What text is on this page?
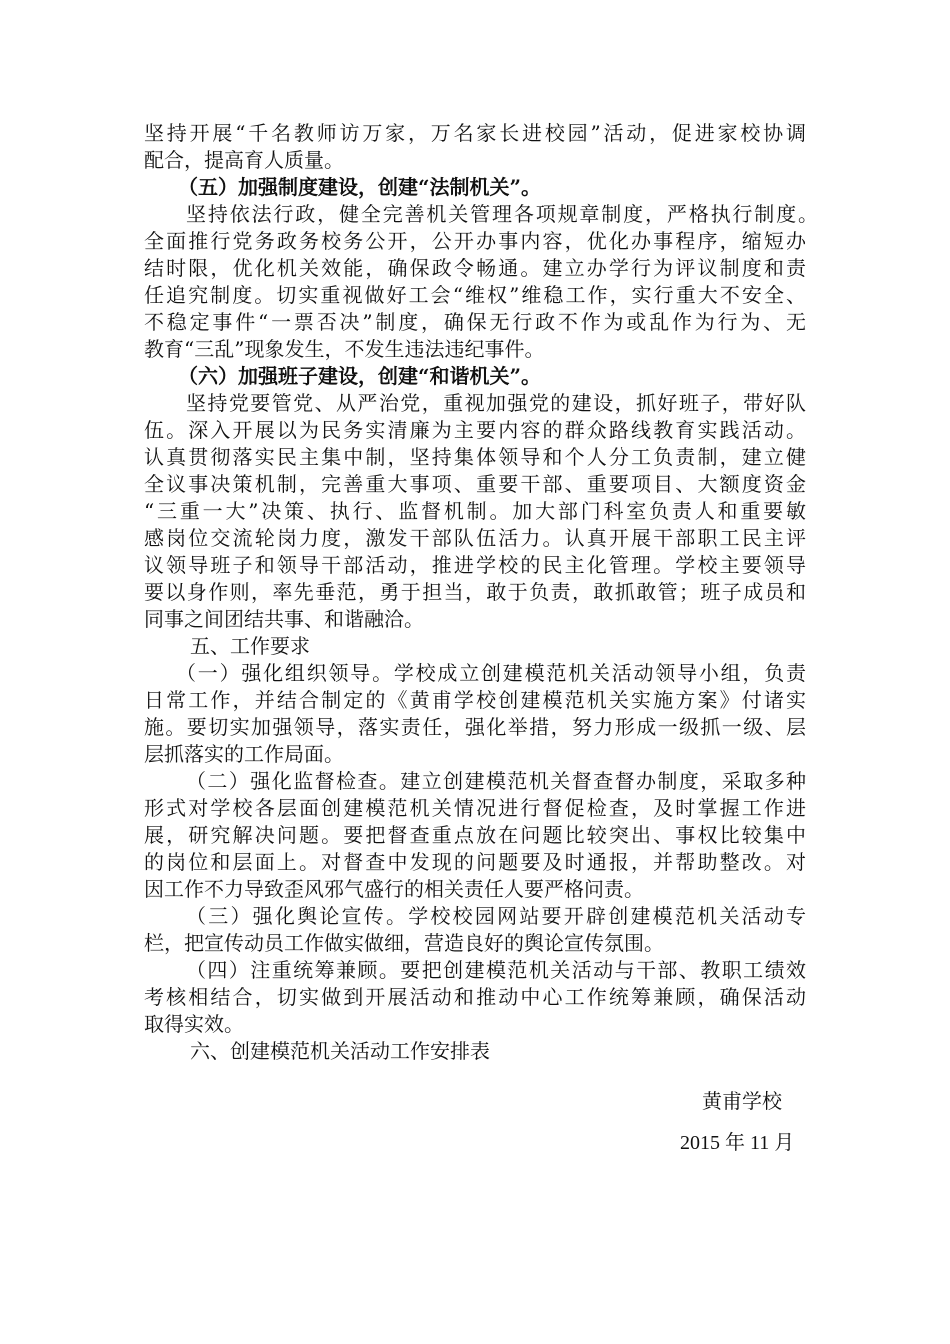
坚持开展“千名教师访万家，万名家长进校园”活动，促进家校协调
配合，提高育人质量。
（五）加强制度建设，创建“法制机关”。
坚持依法行政，健全完善机关管理各项规章制度，严格执行制度。
全面推行党务政务校务公开，公开办事内容，优化办事程序，缩短办
结时限，优化机关效能，确保政令畅通。建立办学行为评议制度和责
任追究制度。切实重视做好工会“维权”维稳工作，实行重大不安全、
不稳定事件“一票否决”制度，确保无行政不作为或乱作为行为、无
教育“三乱”现象发生，不发生违法违纪事件。
（六）加强班子建设，创建“和谐机关”。
坚持党要管党、从严治党，重视加强党的建设，抓好班子，带好队
伍。深入开展以为民务实清廉为主要内容的群众路线教育实践活动。
认真贯彻落实民主集中制，坚持集体领导和个人分工负责制，建立健
全议事决策机制，完善重大事项、重要干部、重要项目、大额度资金
“三重一大”决策、执行、监督机制。加大部门科室负责人和重要敏
感岗位交流轮岗力度，激发干部队伍活力。认真开展干部职工民主评
议领导班子和领导干部活动，推进学校的民主化管理。学校主要领导
要以身作则，率先垂范，勇于担当，敢于负责，敢抓敢管；班子成员和
同事之间团结共事、和谐融洽。
五、工作要求
（一）强化组织领导。学校成立创建模范机关活动领导小组，负责
日常工作，并结合制定的《黄甫学校创建模范机关实施方案》付诸实
施。要切实加强领导，落实责任，强化举措，努力形成一级抓一级、层
层抓落实的工作局面。
（二）强化监督检查。建立创建模范机关督查督办制度，采取多种
形式对学校各层面创建模范机关情况进行督促检查，及时掌握工作进
展，研究解决问题。要把督查重点放在问题比较突出、事权比较集中
的岗位和层面上。对督查中发现的问题要及时通报，并帮助整改。对
因工作不力导致歪风邪气盛行的相关责任人要严格问责。
（三）强化舆论宣传。学校校园网站要开辟创建模范机关活动专
栏，把宣传动员工作做实做细，营造良好的舆论宣传氛围。
（四）注重统筹兼顾。要把创建模范机关活动与干部、教职工绩效
考核相结合，切实做到开展活动和推动中心工作统筹兼顾，确保活动
取得实效。
六、创建模范机关活动工作安排表
黄甫学校
2015 年 11 月
